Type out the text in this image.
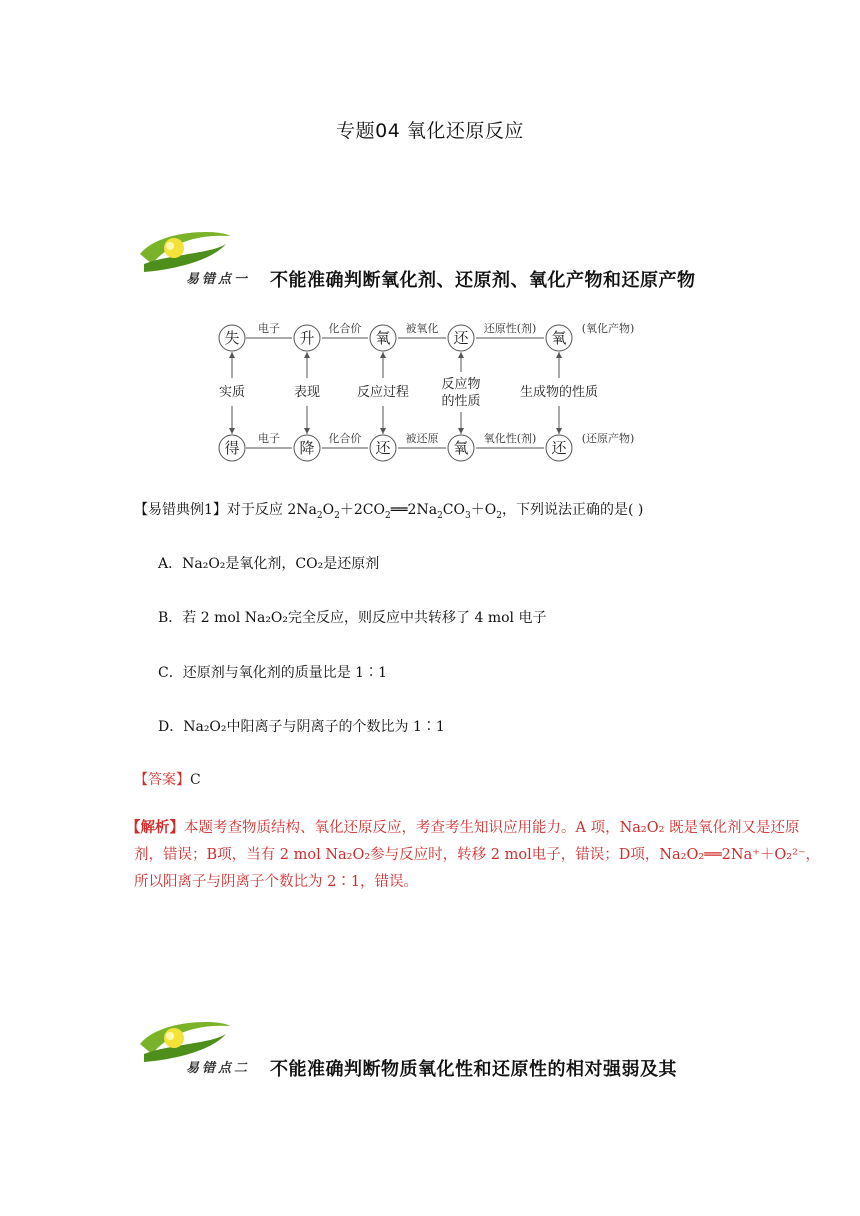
专题04 氧化还原反应
易错点一 不能准确判断氧化剂、还原剂、氧化产物和还原产物
失	升	氧	还	氧
得	降	还	氧	还
电子	化合价	被氧化	还原性(剂)	(氧化产物)
电子	化合价	被还原	氧化性(剂)	(还原产物)
实质	表现	反应过程
反应物
的性质
生成物的性质
【易错典例1】对于反应 $2Na_2O_2+2CO_2══2Na_2CO_3+O_2$，下列说法正确的是( )
A．Na₂O₂是氧化剂，CO₂是还原剂
B．若 2 mol Na₂O₂完全反应，则反应中共转移了 4 mol 电子
C．还原剂与氧化剂的质量比是 1∶1
D．Na₂O₂中阳离子与阴离子的个数比为 1∶1
【答案】C
【解析】本题考查物质结构、氧化还原反应，考查考生知识应用能力。A 项，Na₂O₂ 既是氧化剂又是还原
剂，错误；B项，当有 2 mol Na₂O₂参与反应时，转移 2 mol电子，错误；D项，Na₂O₂══2Na⁺＋O₂²⁻，
所以阳离子与阴离子个数比为 2∶1，错误。
易错点二 不能准确判断物质氧化性和还原性的相对强弱及其
